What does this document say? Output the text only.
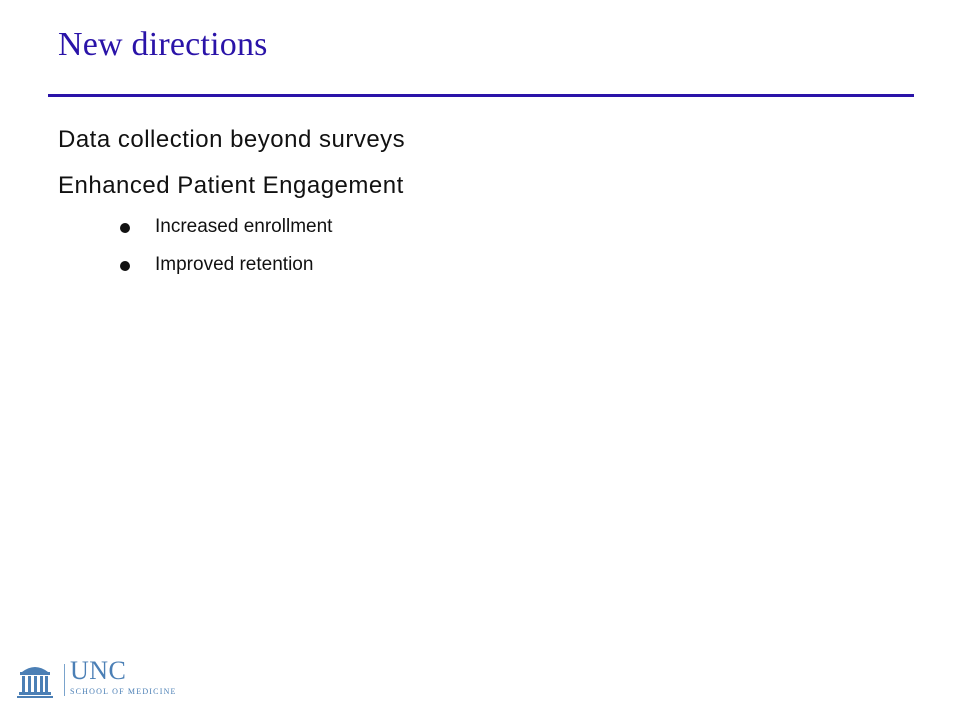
New directions
Data collection beyond surveys
Enhanced Patient Engagement
Increased enrollment
Improved retention
UNC
SCHOOL OF MEDICINE
